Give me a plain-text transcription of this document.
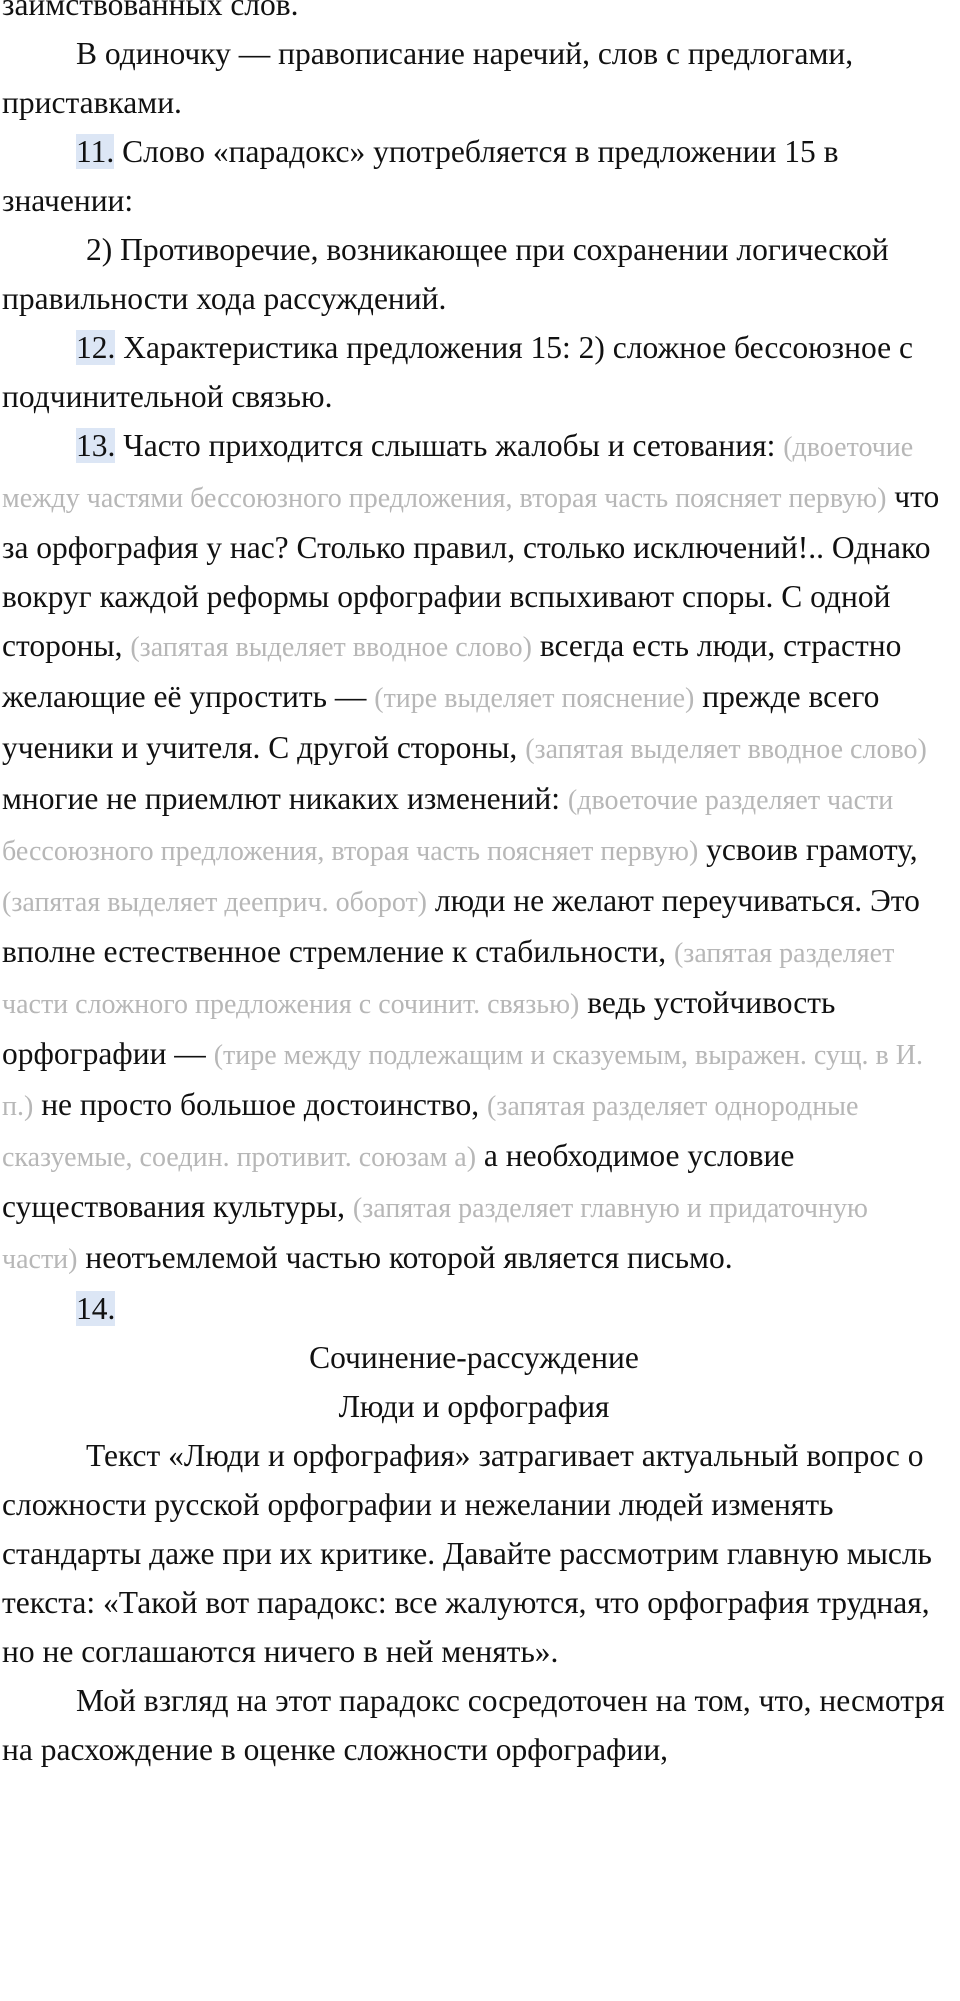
заимствованных слов.

В одиночку — правописание наречий, слов с предлогами, приставками.

11. Слово «парадокс» употребляется в предложении 15 в значении:

2) Противоречие, возникающее при сохранении логической правильности хода рассуждений.

12. Характеристика предложения 15: 2) сложное бессоюзное с подчинительной связью.

13. Часто приходится слышать жалобы и сетования: (двоеточие между частями бессоюзного предложения, вторая часть поясняет первую) что за орфография у нас? Столько правил, столько исключений!.. Однако вокруг каждой реформы орфографии вспыхивают споры. С одной стороны, (запятая выделяет вводное слово) всегда есть люди, страстно желающие её упростить — (тире выделяет пояснение) прежде всего ученики и учителя. С другой стороны, (запятая выделяет вводное слово) многие не приемлют никаких изменений: (двоеточие разделяет части бессоюзного предложения, вторая часть поясняет первую) усвоив грамоту, (запятая выделяет дееприч. оборот) люди не желают переучиваться. Это вполне естественное стремление к стабильности, (запятая разделяет части сложного предложения с сочинит. связью) ведь устойчивость орфографии — (тире между подлежащим и сказуемым, выражен. сущ. в И. п.) не просто большое достоинство, (запятая разделяет однородные сказуемые, соедин. противит. союзам а) а необходимое условие существования культуры, (запятая разделяет главную и придаточную части) неотъемлемой частью которой является письмо.

14.

Сочинение-рассуждение

Люди и орфография

Текст «Люди и орфография» затрагивает актуальный вопрос о сложности русской орфографии и нежелании людей изменять стандарты даже при их критике. Давайте рассмотрим главную мысль текста: «Такой вот парадокс: все жалуются, что орфография трудная, но не соглашаются ничего в ней менять».

Мой взгляд на этот парадокс сосредоточен на том, что, несмотря на расхождение в оценке сложности орфографии,
